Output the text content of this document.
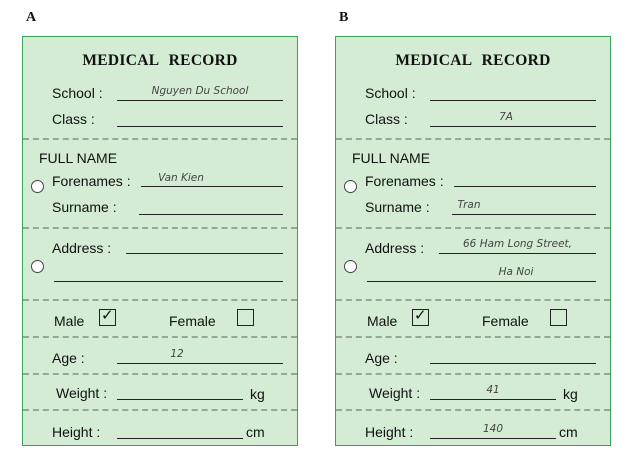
A	B
MEDICAL RECORD
School :	Nguyen Du School
Class :
FULL NAME
Forenames :	Van Kien
Surname :
Address :
Male ✓	Female
Age :	12
Weight :	kg
Height :	cm
MEDICAL RECORD
School :
Class :	7A
FULL NAME
Forenames :
Surname :	Tran
Address :	66 Ham Long Street,
Ha Noi
Male ✓	Female
Age :
Weight :	41	kg
Height :	140	cm
